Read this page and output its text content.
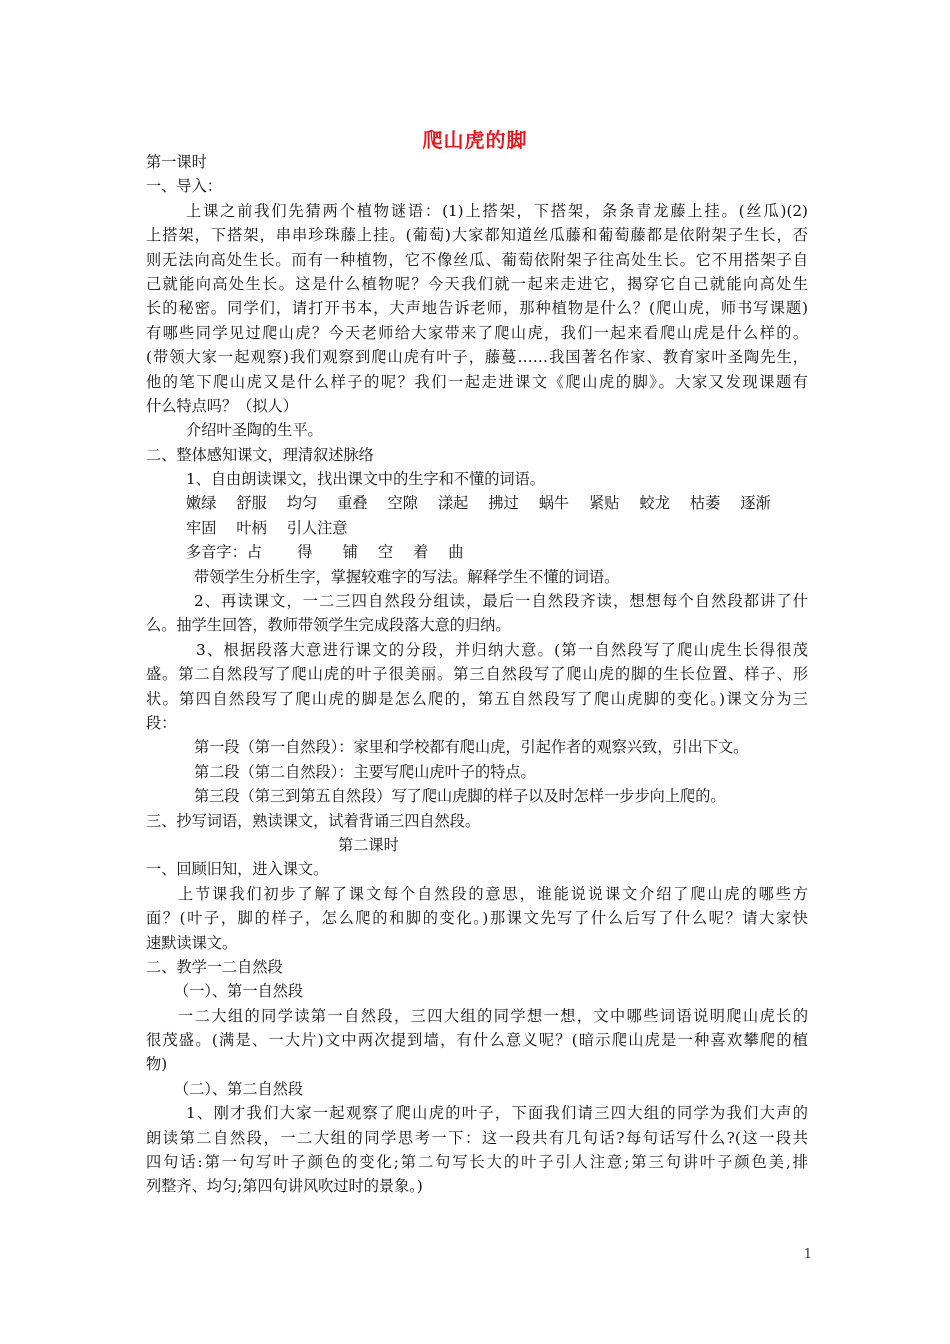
爬山虎的脚
第一课时
一、导入：
上课之前我们先猜两个植物谜语：(1)上搭架，下搭架，条条青龙藤上挂。(丝瓜)(2)
上搭架，下搭架，串串珍珠藤上挂。(葡萄)大家都知道丝瓜藤和葡萄藤都是依附架子生长，否
则无法向高处生长。而有一种植物，它不像丝瓜、葡萄依附架子往高处生长。它不用搭架子自
己就能向高处生长。这是什么植物呢？今天我们就一起来走进它，揭穿它自己就能向高处生
长的秘密。同学们，请打开书本，大声地告诉老师，那种植物是什么？(爬山虎，师书写课题)
有哪些同学见过爬山虎？今天老师给大家带来了爬山虎，我们一起来看爬山虎是什么样的。
(带领大家一起观察)我们观察到爬山虎有叶子，藤蔓……我国著名作家、教育家叶圣陶先生，
他的笔下爬山虎又是什么样子的呢？我们一起走进课文《爬山虎的脚》。大家又发现课题有
什么特点吗？（拟人）
介绍叶圣陶的生平。
二、整体感知课文，理清叙述脉络
1、自由朗读课文，找出课文中的生字和不懂的词语。
嫩绿　 舒服　 均匀　 重叠　 空隙　 漾起　 拂过　 蜗牛　 紧贴　 蛟龙　 枯萎　 逐渐
牢固　 叶柄　 引人注意
多音字：占　　 得　　铺　 空　 着　 曲
带领学生分析生字，掌握较难字的写法。解释学生不懂的词语。
2、再读课文，一二三四自然段分组读，最后一自然段齐读，想想每个自然段都讲了什
么。抽学生回答，教师带领学生完成段落大意的归纳。
3、根据段落大意进行课文的分段，并归纳大意。(第一自然段写了爬山虎生长得很茂
盛。第二自然段写了爬山虎的叶子很美丽。第三自然段写了爬山虎的脚的生长位置、样子、形
状。第四自然段写了爬山虎的脚是怎么爬的，第五自然段写了爬山虎脚的变化。)课文分为三
段：
第一段（第一自然段）：家里和学校都有爬山虎，引起作者的观察兴致，引出下文。
第二段（第二自然段）：主要写爬山虎叶子的特点。
第三段（第三到第五自然段）写了爬山虎脚的样子以及时怎样一步步向上爬的。
三、抄写词语，熟读课文，试着背诵三四自然段。
第二课时
一、回顾旧知，进入课文。
上节课我们初步了解了课文每个自然段的意思，谁能说说课文介绍了爬山虎的哪些方
面？(叶子，脚的样子，怎么爬的和脚的变化。)那课文先写了什么后写了什么呢？请大家快
速默读课文。
二、教学一二自然段
（一）、第一自然段
一二大组的同学读第一自然段，三四大组的同学想一想，文中哪些词语说明爬山虎长的
很茂盛。(满是、一大片)文中两次提到墙，有什么意义呢？(暗示爬山虎是一种喜欢攀爬的植
物)
（二）、第二自然段
1、刚才我们大家一起观察了爬山虎的叶子，下面我们请三四大组的同学为我们大声的
朗读第二自然段，一二大组的同学思考一下：这一段共有几句话?每句话写什么?(这一段共
四句话:第一句写叶子颜色的变化;第二句写长大的叶子引人注意;第三句讲叶子颜色美,排
列整齐、均匀;第四句讲风吹过时的景象。)
1
